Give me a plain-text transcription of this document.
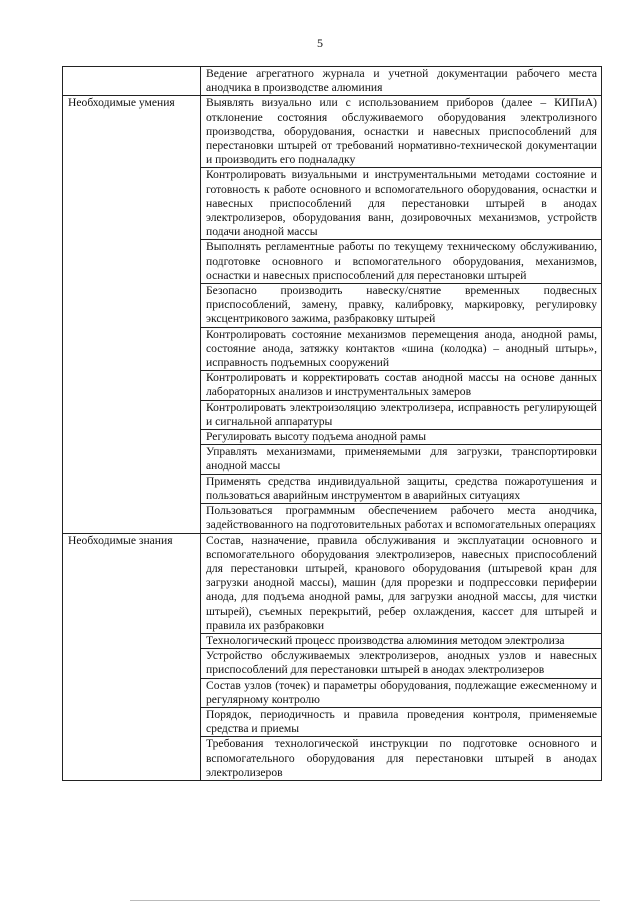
5
	Ведение агрегатного журнала и учетной документации рабочего места анодчика в производстве алюминия
Необходимые умения	Выявлять визуально или с использованием приборов (далее – КИПиА) отклонение состояния обслуживаемого оборудования электролизного производства, оборудования, оснастки и навесных приспособлений для перестановки штырей от требований нормативно-технической документации и производить его подналадку
	Контролировать визуальными и инструментальными методами состояние и готовность к работе основного и вспомогательного оборудования, оснастки и навесных приспособлений для перестановки штырей в анодах электролизеров, оборудования ванн, дозировочных механизмов, устройств подачи анодной массы
	Выполнять регламентные работы по текущему техническому обслуживанию, подготовке основного и вспомогательного оборудования, механизмов, оснастки и навесных приспособлений для перестановки штырей
	Безопасно производить навеску/снятие временных подвесных приспособлений, замену, правку, калибровку, маркировку, регулировку эксцентрикового зажима, разбраковку штырей
	Контролировать состояние механизмов перемещения анода, анодной рамы, состояние анода, затяжку контактов «шина (колодка) – анодный штырь», исправность подъемных сооружений
	Контролировать и корректировать состав анодной массы на основе данных лабораторных анализов и инструментальных замеров
	Контролировать электроизоляцию электролизера, исправность регулирующей и сигнальной аппаратуры
	Регулировать высоту подъема анодной рамы
	Управлять механизмами, применяемыми для загрузки, транспортировки анодной массы
	Применять средства индивидуальной защиты, средства пожаротушения и пользоваться аварийным инструментом в аварийных ситуациях
	Пользоваться программным обеспечением рабочего места анодчика, задействованного на подготовительных работах и вспомогательных операциях
Необходимые знания	Состав, назначение, правила обслуживания и эксплуатации основного и вспомогательного оборудования электролизеров, навесных приспособлений для перестановки штырей, кранового оборудования (штыревой кран для загрузки анодной массы), машин (для прорезки и подпрессовки периферии анода, для подъема анодной рамы, для загрузки анодной массы, для чистки штырей), съемных перекрытий, ребер охлаждения, кассет для штырей и правила их разбраковки
	Технологический процесс производства алюминия методом электролиза
	Устройство обслуживаемых электролизеров, анодных узлов и навесных приспособлений для перестановки штырей в анодах электролизеров
	Состав узлов (точек) и параметры оборудования, подлежащие ежесменному и регулярному контролю
	Порядок, периодичность и правила проведения контроля, применяемые средства и приемы
	Требования технологической инструкции по подготовке основного и вспомогательного оборудования для перестановки штырей в анодах электролизеров
